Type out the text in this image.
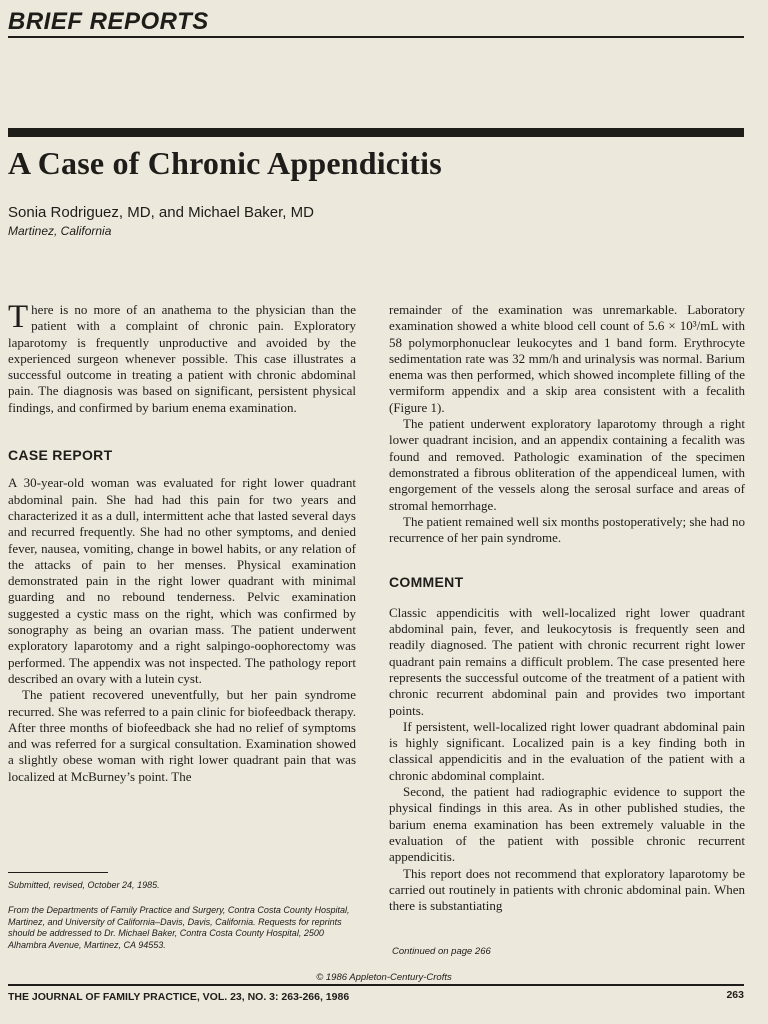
BRIEF REPORTS
A Case of Chronic Appendicitis
Sonia Rodriguez, MD, and Michael Baker, MD
Martinez, California

There is no more of an anathema to the physician than the patient with a complaint of chronic pain. Exploratory laparotomy is frequently unproductive and avoided by the experienced surgeon whenever possible. This case illustrates a successful outcome in treating a patient with chronic abdominal pain. The diagnosis was based on significant, persistent physical findings, and confirmed by barium enema examination.

CASE REPORT

A 30-year-old woman was evaluated for right lower quadrant abdominal pain. She had had this pain for two years and characterized it as a dull, intermittent ache that lasted several days and recurred frequently. She had no other symptoms, and denied fever, nausea, vomiting, change in bowel habits, or any relation of the attacks of pain to her menses. Physical examination demonstrated pain in the right lower quadrant with minimal guarding and no rebound tenderness. Pelvic examination suggested a cystic mass on the right, which was confirmed by sonography as being an ovarian mass. The patient underwent exploratory laparotomy and a right salpingo-oophorectomy was performed. The appendix was not inspected. The pathology report described an ovary with a lutein cyst.

The patient recovered uneventfully, but her pain syndrome recurred. She was referred to a pain clinic for biofeedback therapy. After three months of biofeedback she had no relief of symptoms and was referred for a surgical consultation. Examination showed a slightly obese woman with right lower quadrant pain that was localized at McBurney’s point. The

remainder of the examination was unremarkable. Laboratory examination showed a white blood cell count of 5.6 × 10³/mL with 58 polymorphonuclear leukocytes and 1 band form. Erythrocyte sedimentation rate was 32 mm/h and urinalysis was normal. Barium enema was then performed, which showed incomplete filling of the vermiform appendix and a skip area consistent with a fecalith (Figure 1).

The patient underwent exploratory laparotomy through a right lower quadrant incision, and an appendix containing a fecalith was found and removed. Pathologic examination of the specimen demonstrated a fibrous obliteration of the appendiceal lumen, with engorgement of the vessels along the serosal surface and areas of stromal hemorrhage.

The patient remained well six months postoperatively; she had no recurrence of her pain syndrome.

COMMENT

Classic appendicitis with well-localized right lower quadrant abdominal pain, fever, and leukocytosis is frequently seen and readily diagnosed. The patient with chronic recurrent right lower quadrant pain remains a difficult problem. The case presented here represents the successful outcome of the treatment of a patient with chronic recurrent abdominal pain and provides two important points.

If persistent, well-localized right lower quadrant abdominal pain is highly significant. Localized pain is a key finding both in classical appendicitis and in the evaluation of the patient with a chronic abdominal complaint.

Second, the patient had radiographic evidence to support the physical findings in this area. As in other published studies, the barium enema examination has been extremely valuable in the evaluation of the patient with possible chronic recurrent appendicitis.

This report does not recommend that exploratory laparotomy be carried out routinely in patients with chronic abdominal pain. When there is substantiating

Submitted, revised, October 24, 1985.
From the Departments of Family Practice and Surgery, Contra Costa County Hospital, Martinez, and University of California–Davis, Davis, California. Requests for reprints should be addressed to Dr. Michael Baker, Contra Costa County Hospital, 2500 Alhambra Avenue, Martinez, CA 94553.
Continued on page 266
© 1986 Appleton-Century-Crofts
THE JOURNAL OF FAMILY PRACTICE, VOL. 23, NO. 3: 263-266, 1986	263
